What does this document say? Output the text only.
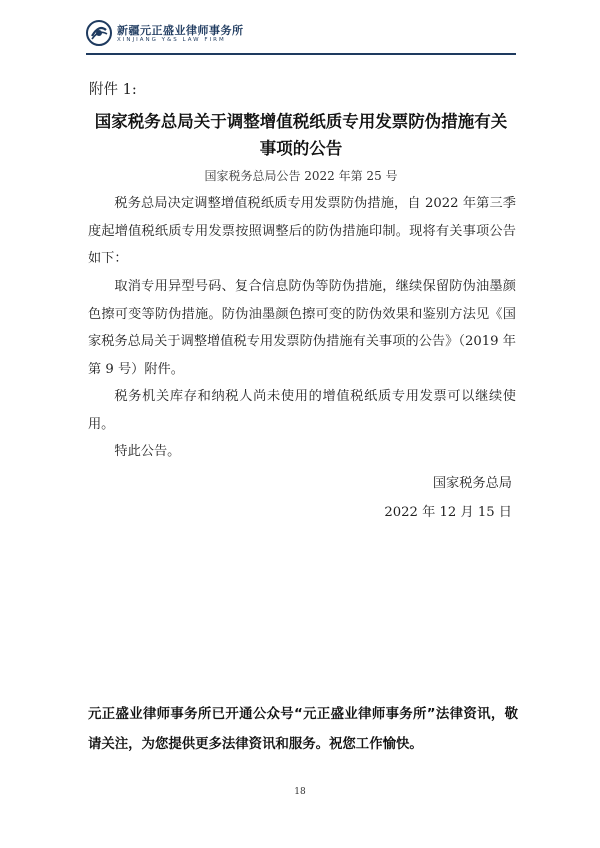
新疆元正盛业律师事务所
XINJIANG Y&S LAW FIRM
附件 1:
国家税务总局关于调整增值税纸质专用发票防伪措施有关
事项的公告
国家税务总局公告 2022 年第 25 号

税务总局决定调整增值税纸质专用发票防伪措施，自 2022 年第三季度起增值税纸质专用发票按照调整后的防伪措施印制。现将有关事项公告如下：

取消专用异型号码、复合信息防伪等防伪措施，继续保留防伪油墨颜色擦可变等防伪措施。防伪油墨颜色擦可变的防伪效果和鉴别方法见《国家税务总局关于调整增值税专用发票防伪措施有关事项的公告》（2019 年第 9 号）附件。

税务机关库存和纳税人尚未使用的增值税纸质专用发票可以继续使用。

特此公告。

国家税务总局
2022 年 12 月 15 日

元正盛业律师事务所已开通公众号“元正盛业律师事务所”法律资讯，敬请关注，为您提供更多法律资讯和服务。祝您工作愉快。

18
